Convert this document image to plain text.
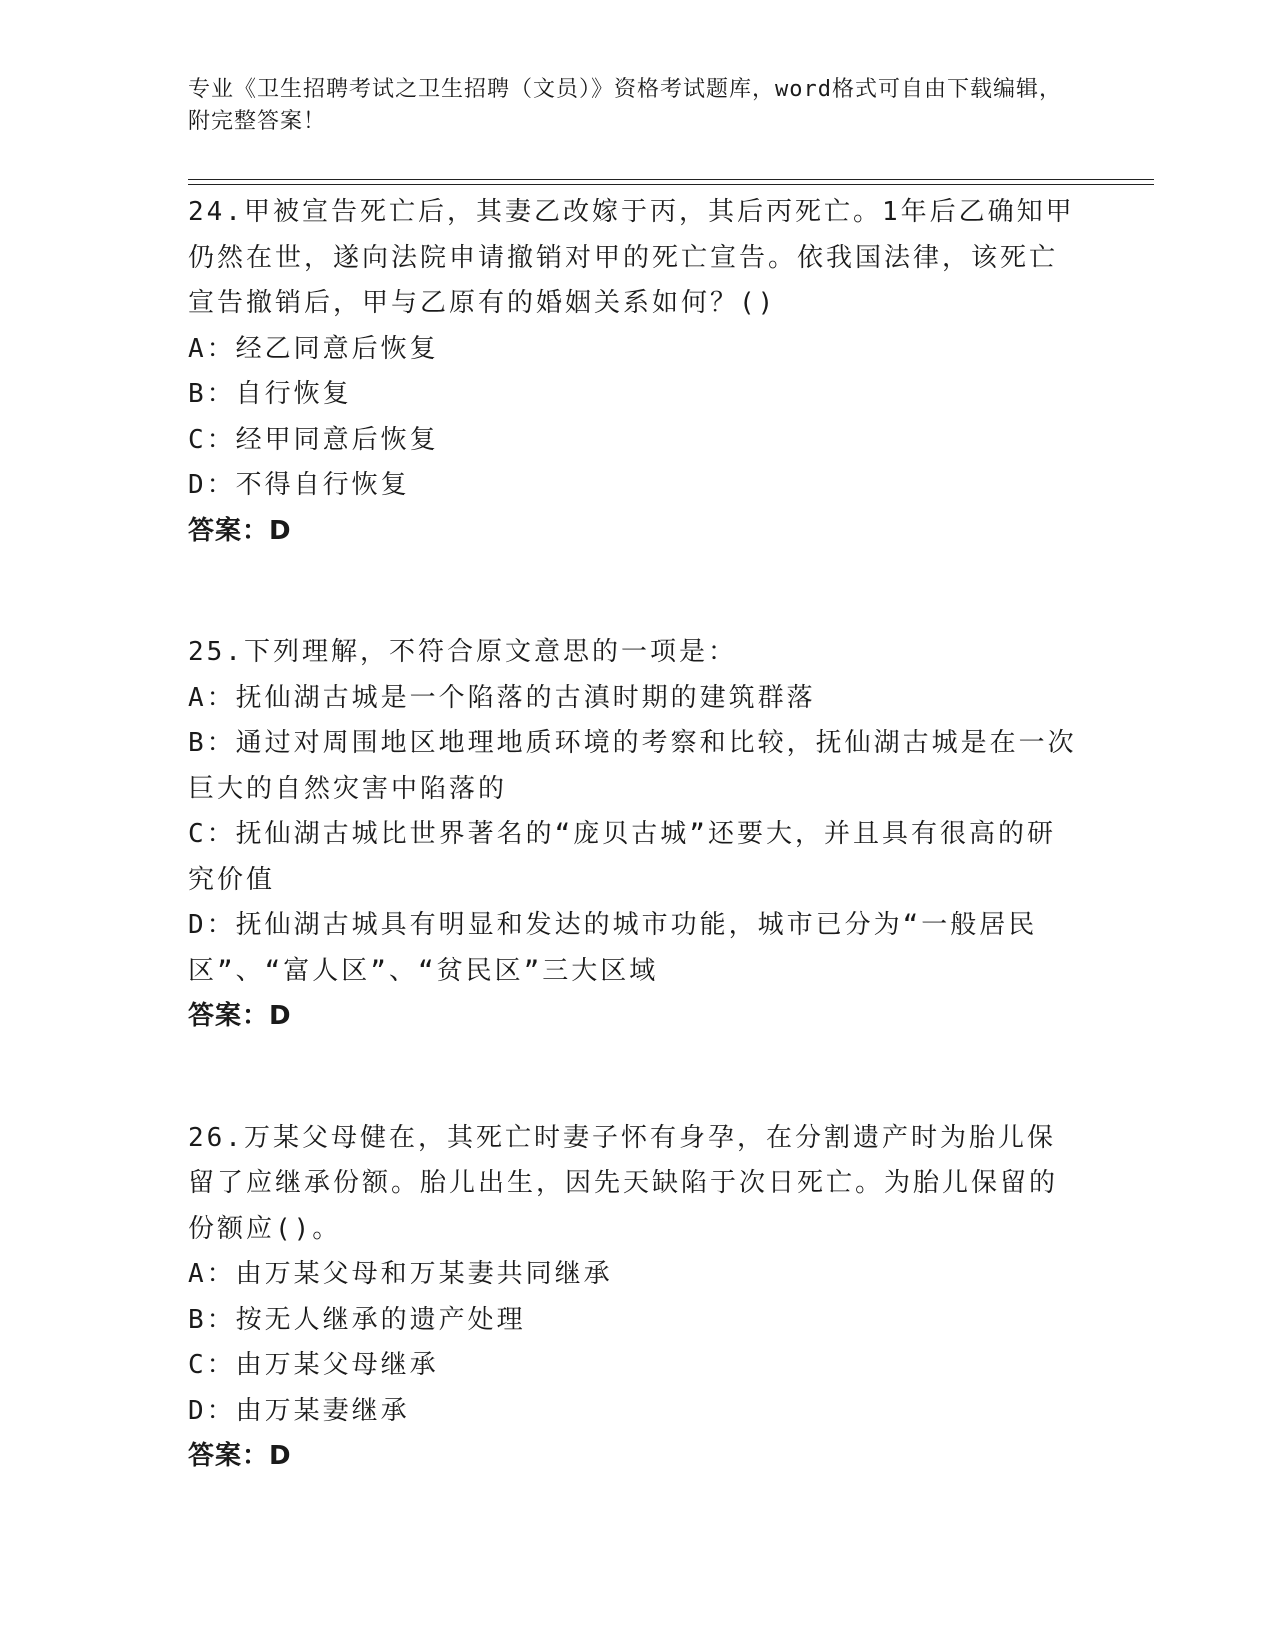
专业《卫生招聘考试之卫生招聘（文员）》资格考试题库，word格式可自由下载编辑，附完整答案！

24.甲被宣告死亡后，其妻乙改嫁于丙，其后丙死亡。1年后乙确知甲仍然在世，遂向法院申请撤销对甲的死亡宣告。依我国法律，该死亡宣告撤销后，甲与乙原有的婚姻关系如何？()

A：经乙同意后恢复

B：自行恢复

C：经甲同意后恢复

D：不得自行恢复

答案：D

25.下列理解，不符合原文意思的一项是：

A：抚仙湖古城是一个陷落的古滇时期的建筑群落

B：通过对周围地区地理地质环境的考察和比较，抚仙湖古城是在一次巨大的自然灾害中陷落的

C：抚仙湖古城比世界著名的“庞贝古城”还要大，并且具有很高的研究价值

D：抚仙湖古城具有明显和发达的城市功能，城市已分为“一般居民区”、“富人区”、“贫民区”三大区域

答案：D

26.万某父母健在，其死亡时妻子怀有身孕，在分割遗产时为胎儿保留了应继承份额。胎儿出生，因先天缺陷于次日死亡。为胎儿保留的份额应()。

A：由万某父母和万某妻共同继承

B：按无人继承的遗产处理

C：由万某父母继承

D：由万某妻继承

答案：D
